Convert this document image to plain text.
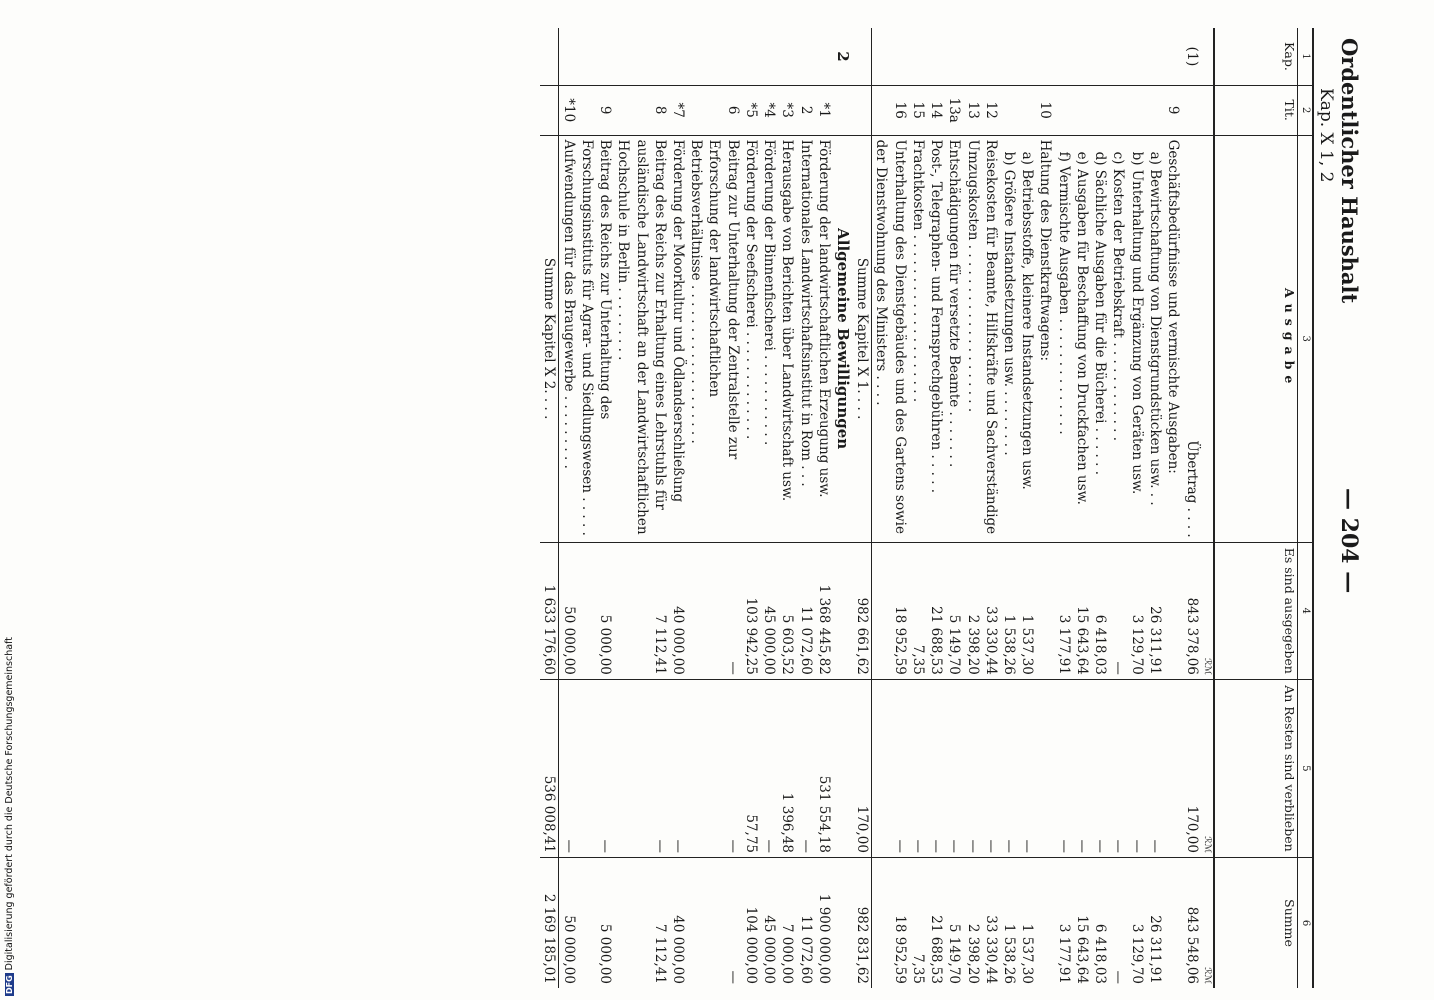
Ordentlicher Haushalt
Kap. X 1, 2
— 204 —
1	2	3	4	5	6
Kap.	Tit.	Ausgabe	Es sind ausgegeben	An Resten sind verblieben	Summe
			ℛℳ	ℛℳ	ℛℳ
(1)		Übertrag . . . .	843 378,06	170,00	843 548,06
	9	Geschäftsbedürfnisse und vermischte Ausgaben:			
		a) Bewirtschaftung von Dienstgrundstücken usw. . .	26 311,91	—	26 311,91
		b) Unterhaltung und Ergänzung von Geräten usw.	3 129,70	—	3 129,70
		c) Kosten der Betriebskraft . . . . . . . . . . . .	—	—	—
		d) Sächliche Ausgaben für die Bücherei . . . . . .	6 418,03	—	6 418,03
		e) Ausgaben für Beschaffung von Druckfachen usw.	15 643,64	—	15 643,64
		f) Vermischte Ausgaben . . . . . . . . . . . . . .	3 177,91	—	3 177,91
	10	Haltung des Dienstkraftwagens:			
		a) Betriebsstoffe, kleinere Instandsetzungen usw.	1 537,30	—	1 537,30
		b) Größere Instandsetzungen usw. . . . . . . . .	1 538,26	—	1 538,26
	12	Reisekosten für Beamte, Hilfskräfte und Sachverständige	33 330,44	—	33 330,44
	13	Umzugskosten . . . . . . . . . . . . . . . . . . . .	2 398,20	—	2 398,20
	13a	Entschädigungen für versetzte Beamte . . . . . . .	5 149,70	—	5 149,70
	14	Post-, Telegraphen- und Fernsprechgebühren . . . . .	21 688,53	—	21 688,53
	15	Frachtkosten . . . . . . . . . . . . . . . . . . . .	7,35	—	7,35
	16	Unterhaltung des Dienstgebäudes und des Gartens sowie der Dienstwohnung des Ministers . . . .	18 952,59	—	18 952,59
		Summe Kapitel X 1. . . .	982 661,62	170,00	982 831,62
2		Allgemeine Bewilligungen			
	*1	Förderung der landwirtschaftlichen Erzeugung usw.	1 368 445,82	531 554,18	1 900 000,00
	2	Internationales Landwirtschaftsinstitut in Rom . . .	11 072,60	—	11 072,60
	*3	Herausgabe von Berichten über Landwirtschaft usw.	5 603,52	1 396,48	7 000,00
	*4	Förderung der Binnenfischerei . . . . . . . . . . .	45 000,00	—	45 000,00
	*5	Förderung der Seefischerei . . . . . . . . . . . . .	103 942,25	57,75	104 000,00
	6	Beitrag zur Unterhaltung der Zentralstelle zur Erforschung der landwirtschaftlichen Betriebsverhältnisse . . . . . . . . . . . . . . . . . . .	—	—	—
	*7	Förderung der Moorkultur und Ödlandserschließung	40 000,00	—	40 000,00
	8	Beitrag des Reichs zur Erhaltung eines Lehrstuhls für ausländische Landwirtschaft an der Landwirtschaftlichen Hochschule in Berlin . . . . . . . . .	7 112,41	—	7 112,41
	9	Beitrag des Reichs zur Unterhaltung des Forschungsinstituts für Agrar- und Siedlungswesen . . . . .	5 000,00	—	5 000,00
	*10	Aufwendungen für das Braugewerbe . . . . . . . . .	50 000,00	—	50 000,00
		Summe Kapitel X 2. . . .	1 633 176,60	536 008,41	2 169 185,01
DFGDigitalisierung gefördert durch die Deutsche Forschungsgemeinschaft
